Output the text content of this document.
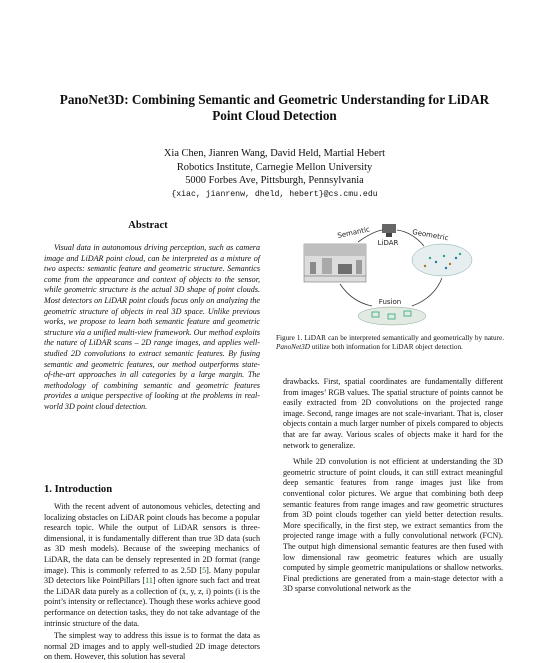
PanoNet3D: Combining Semantic and Geometric Understanding for LiDAR
Point Cloud Detection
Xia Chen, Jianren Wang, David Held, Martial Hebert
Robotics Institute, Carnegie Mellon University
5000 Forbes Ave, Pittsburgh, Pennsylvania
{xiac, jianrenw, dheld, hebert}@cs.cmu.edu
Abstract

Visual data in autonomous driving perception, such as camera image and LiDAR point cloud, can be interpreted as a mixture of two aspects: semantic feature and geometric structure. Semantics come from the appearance and context of objects to the sensor, while geometric structure is the actual 3D shape of point clouds. Most detectors on LiDAR point clouds focus only on analyzing the geometric structure of objects in real 3D space. Unlike previous works, we propose to learn both semantic feature and geometric structure via a unified multi-view framework. Our method exploits the nature of LiDAR scans – 2D range images, and applies well-studied 2D convolutions to extract semantic features. By fusing semantic and geometric features, our method outperforms state-of-the-art approaches in all categories by a large margin. The methodology of combining semantic and geometric features provides a unique perspective of looking at the problems in real-world 3D point cloud detection.

1. Introduction

With the recent advent of autonomous vehicles, detecting and localizing obstacles on LiDAR point clouds has become a popular research topic. While the output of LiDAR sensors is three-dimensional, it is fundamentally different than true 3D data (such as 3D mesh models). Because of the sweeping mechanics of LiDAR, the data can be densely represented in 2D format (range image). This is commonly referred to as 2.5D [5]. Many popular 3D detectors like PointPillars [11] often ignore such fact and treat the LiDAR data purely as a collection of (x, y, z, i) points (i is the point’s intensity or reflectance). Though these works achieve good performance on detection tasks, they do not take advantage of the intrinsic structure of the data.

The simplest way to address this issue is to format the data as normal 2D images and to apply well-studied 2D image detectors on them. However, this solution has several

LiDAR
Semantic	Geometric
Fusion
Figure 1. LiDAR can be interpreted semantically and geometrically by nature. PanoNet3D utilize both information for LiDAR object detection.

drawbacks. First, spatial coordinates are fundamentally different from images’ RGB values. The spatial structure of points cannot be easily extracted from 2D convolutions on the projected range image. Second, range images are not scale-invariant. That is, closer objects contain a much larger number of pixels compared to objects that are far away. Various scales of objects make it hard for the network to generalize.

While 2D convolution is not efficient at understanding the 3D geometric structure of point clouds, it can still extract meaningful deep semantic features from range images just like from conventional color pictures. We argue that combining both deep semantic features from range images and raw geometric structures from 3D point clouds together can yield better detection results. More specifically, in the first step, we extract semantics from the projected range image with a fully convolutional network (FCN). The output high dimensional semantic features are then fused with low dimensional raw geometric features which are usually computed by simple geometric manipulations or shallow networks. Final predictions are generated from a main-stage detector with a 3D sparse convolutional network as the
